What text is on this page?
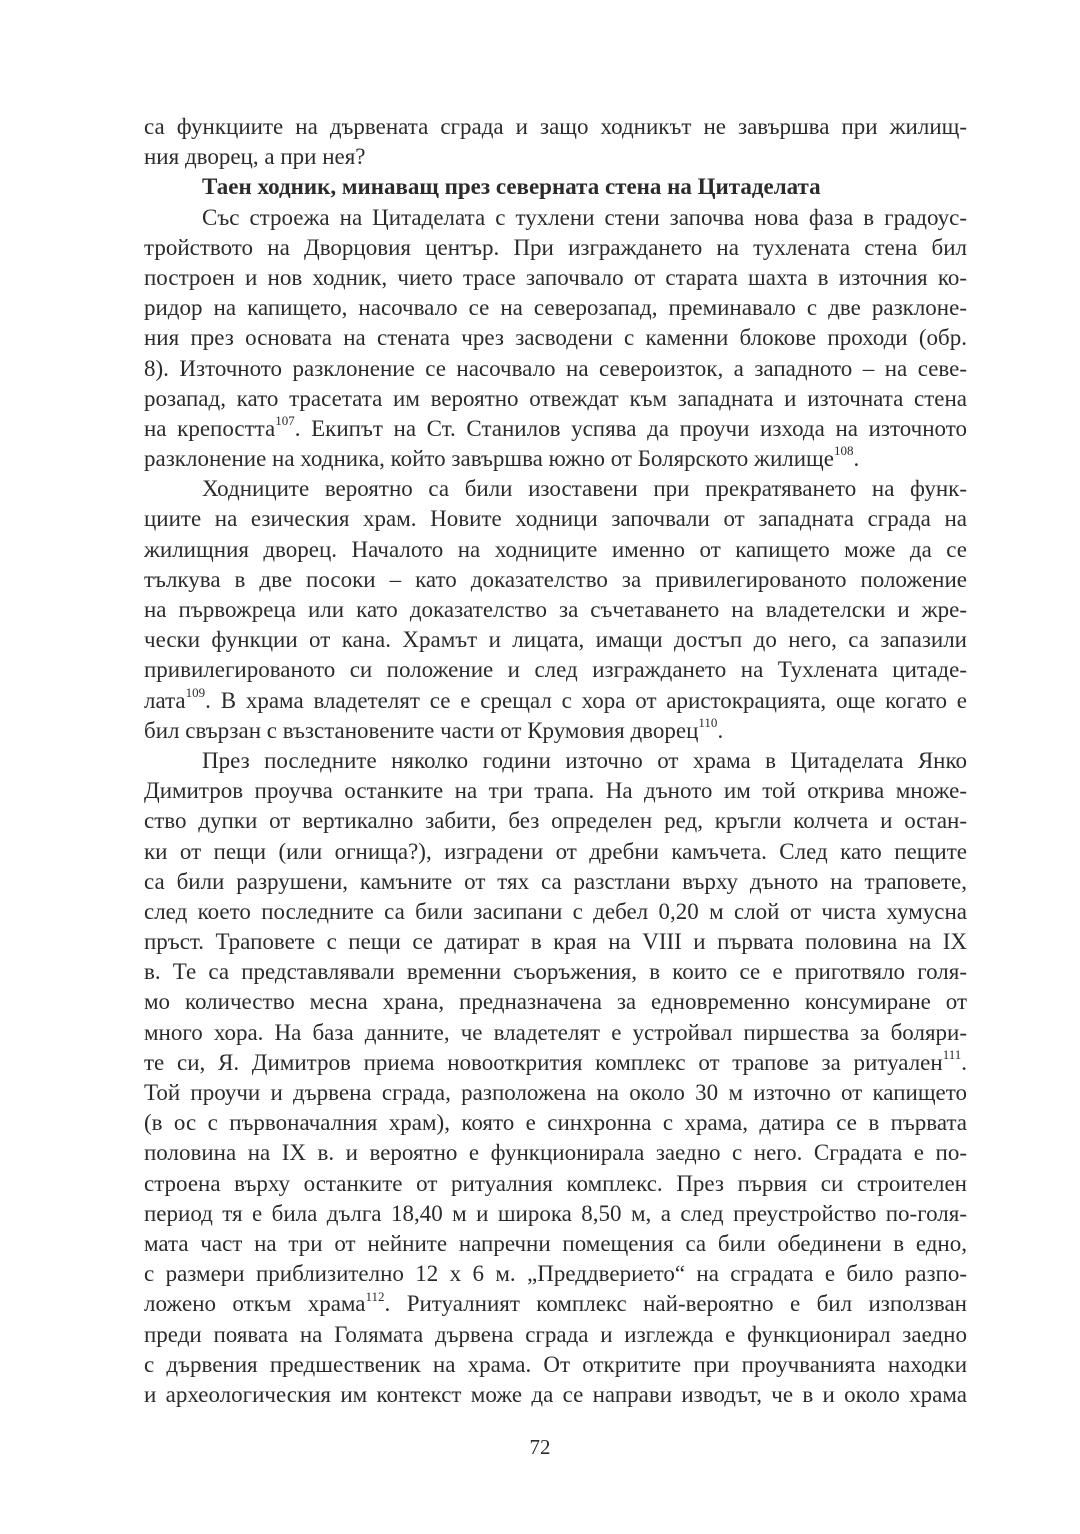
са функциите на дървената сграда и защо ходникът не завършва при жилищ-
ния дворец, а при нея?
Таен ходник, минаващ през северната стена на Цитаделата
Със строежа на Цитаделата с тухлени стени започва нова фаза в градоус-
тройството на Дворцовия център. При изграждането на тухлената стена бил
построен и нов ходник, чието трасе започвало от старата шахта в източния ко-
ридор на капището, насочвало се на северозапад, преминавало с две разклоне-
ния през основата на стената чрез засводени с каменни блокове проходи (обр.
8). Източното разклонение се насочвало на североизток, а западното – на севе-
розапад, като трасетата им вероятно отвеждат към западната и източната стена
на крепостта$^{107}$. Екипът на Ст. Станилов успява да проучи изхода на източното
разклонение на ходника, който завършва южно от Болярското жилище$^{108}$.
Ходниците вероятно са били изоставени при прекратяването на функ-
циите на езическия храм. Новите ходници започвали от западната сграда на
жилищния дворец. Началото на ходниците именно от капището може да се
тълкува в две посоки – като доказателство за привилегированото положение
на първожреца или като доказателство за съчетаването на владетелски и жре-
чески функции от кана. Храмът и лицата, имащи достъп до него, са запазили
привилегированото си положение и след изграждането на Тухлената цитаде-
лата$^{109}$. В храма владетелят се е срещал с хора от аристокрацията, още когато е
бил свързан с възстановените части от Крумовия дворец$^{110}$.
През последните няколко години източно от храма в Цитаделата Янко
Димитров проучва останките на три трапа. На дъното им той открива множе-
ство дупки от вертикално забити, без определен ред, кръгли колчета и остан-
ки от пещи (или огнища?), изградени от дребни камъчета. След като пещите
са били разрушени, камъните от тях са разстлани върху дъното на траповете,
след което последните са били засипани с дебел 0,20 м слой от чиста хумусна
пръст. Траповете с пещи се датират в края на VIII и първата половина на IX
в. Те са представлявали временни съоръжения, в които се е приготвяло голя-
мо количество месна храна, предназначена за едновременно консумиране от
много хора. На база данните, че владетелят е устройвал пиршества за боляри-
те си, Я. Димитров приема новооткрития комплекс от трапове за ритуален$^{111}$.
Той проучи и дървена сграда, разположена на около 30 м източно от капището
(в ос с първоначалния храм), която е синхронна с храма, датира се в първата
половина на IX в. и вероятно е функционирала заедно с него. Сградата е по-
строена върху останките от ритуалния комплекс. През първия си строителен
период тя е била дълга 18,40 м и широка 8,50 м, а след преустройство по-голя-
мата част на три от нейните напречни помещения са били обединени в едно,
с размери приблизително 12 х 6 м. „Преддверието“ на сградата е било разпо-
ложено откъм храма$^{112}$. Ритуалният комплекс най-вероятно е бил използван
преди появата на Голямата дървена сграда и изглежда е функционирал заедно
с дървения предшественик на храма. От откритите при проучванията находки
и археологическия им контекст може да се направи изводът, че в и около храма
72
